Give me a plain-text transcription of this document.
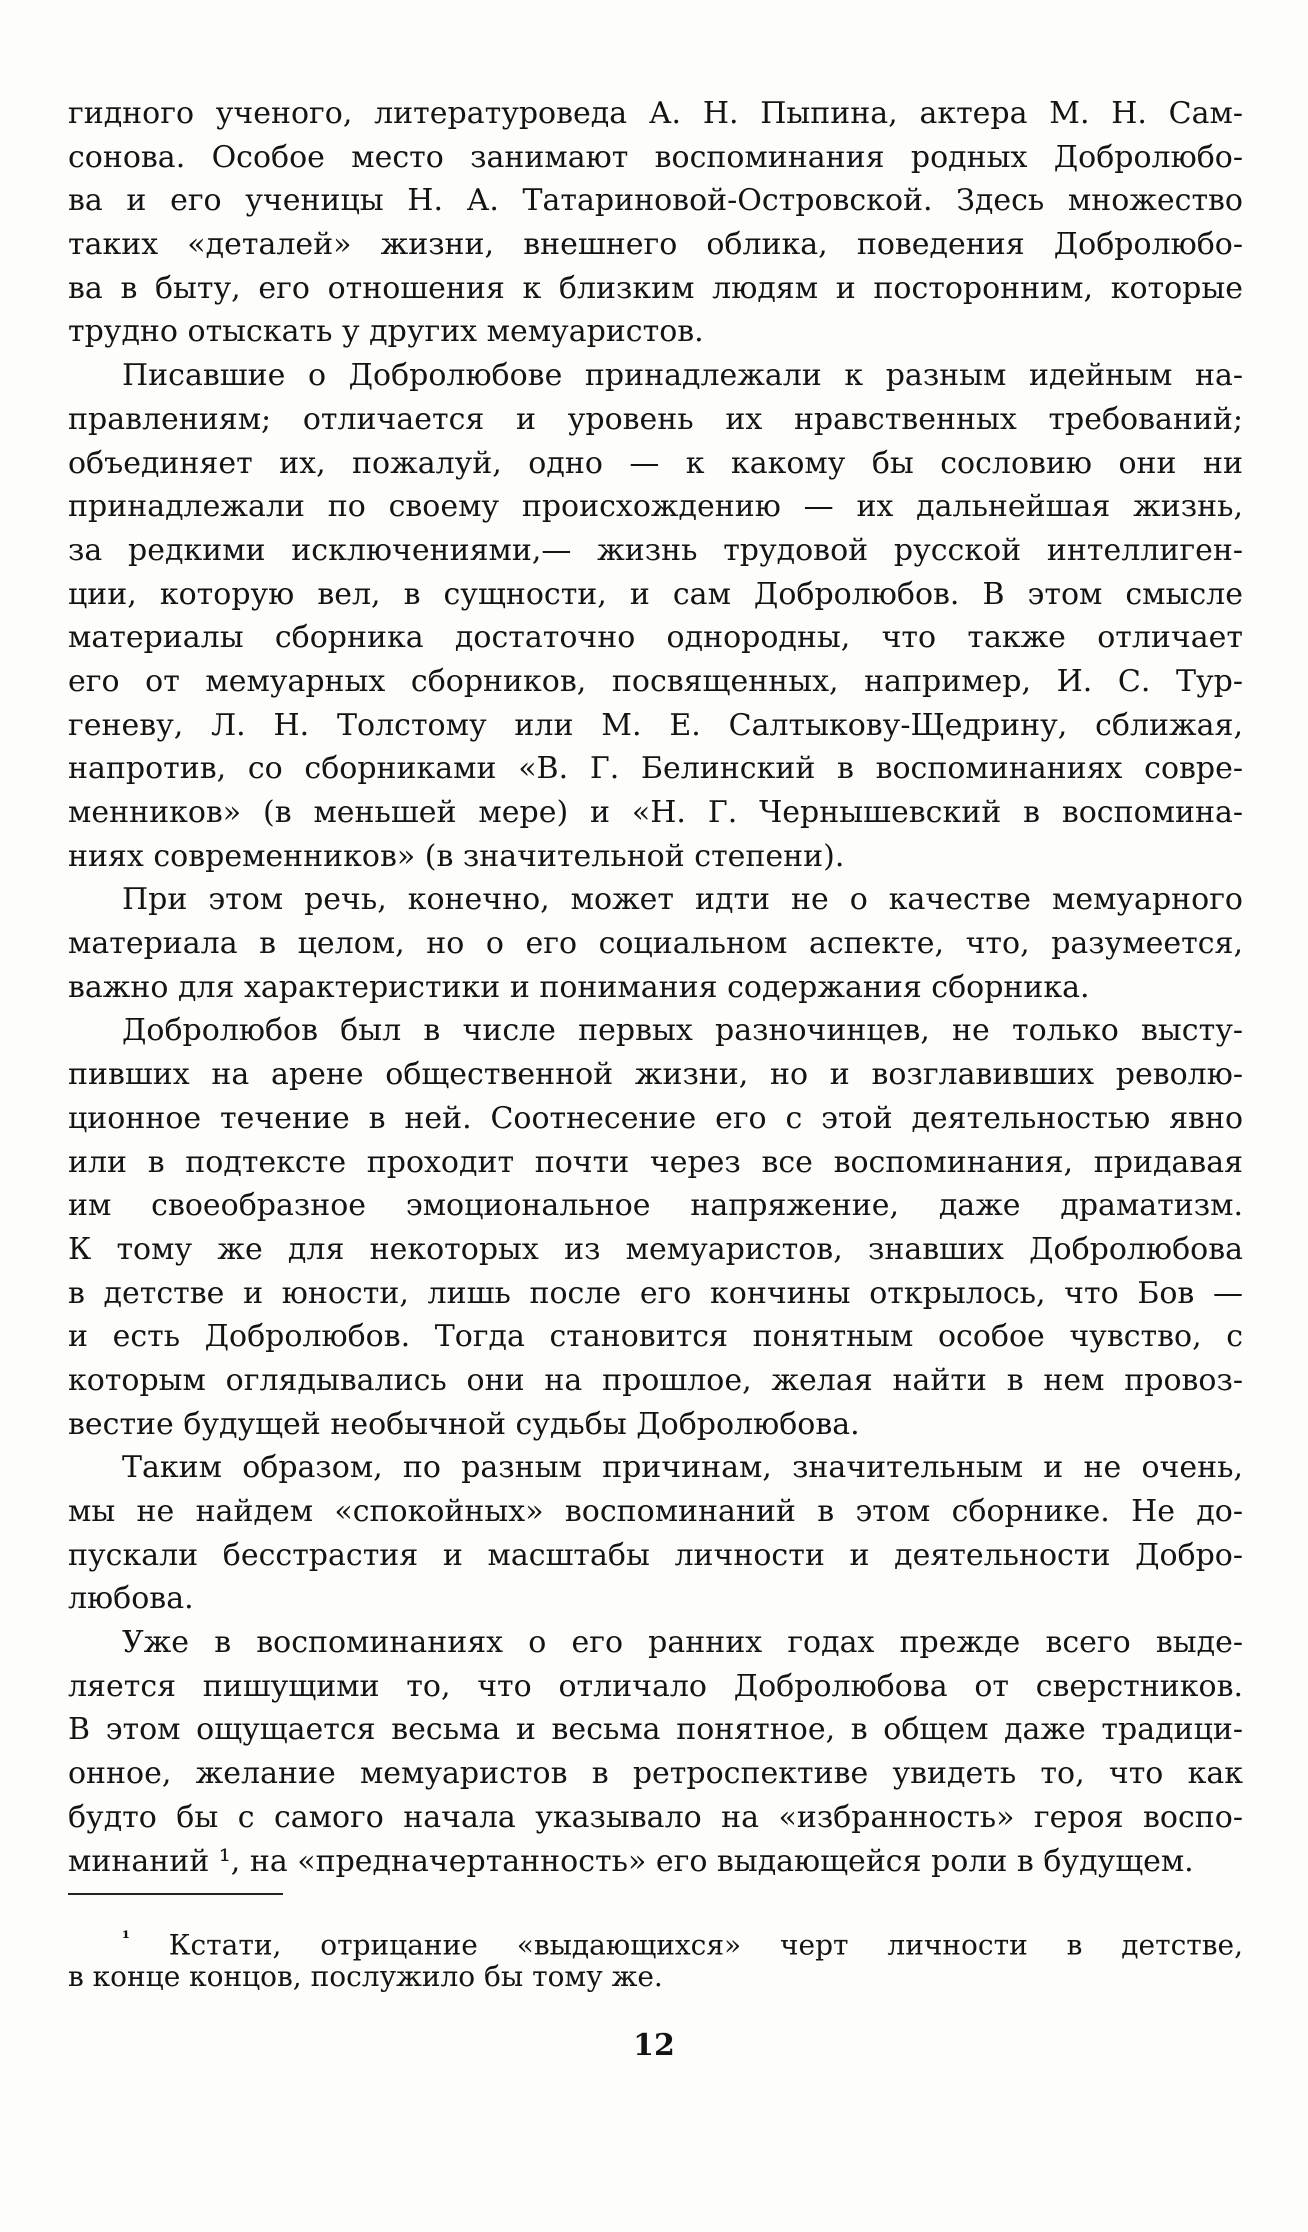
гидного ученого, литературоведа А. Н. Пыпина, актера М. Н. Сам-
сонова. Особое место занимают воспоминания родных Добролюбо-
ва и его ученицы Н. А. Татариновой-Островской. Здесь множество
таких «деталей» жизни, внешнего облика, поведения Добролюбо-
ва в быту, его отношения к близким людям и посторонним, которые
трудно отыскать у других мемуаристов.
Писавшие о Добролюбове принадлежали к разным идейным на-
правлениям; отличается и уровень их нравственных требований;
объединяет их, пожалуй, одно — к какому бы сословию они ни
принадлежали по своему происхождению — их дальнейшая жизнь,
за редкими исключениями,— жизнь трудовой русской интеллиген-
ции, которую вел, в сущности, и сам Добролюбов. В этом смысле
материалы сборника достаточно однородны, что также отличает
его от мемуарных сборников, посвященных, например, И. С. Тур-
геневу, Л. Н. Толстому или М. Е. Салтыкову-Щедрину, сближая,
напротив, со сборниками «В. Г. Белинский в воспоминаниях совре-
менников» (в меньшей мере) и «Н. Г. Чернышевский в воспомина-
ниях современников» (в значительной степени).
При этом речь, конечно, может идти не о качестве мемуарного
материала в целом, но о его социальном аспекте, что, разумеется,
важно для характеристики и понимания содержания сборника.
Добролюбов был в числе первых разночинцев, не только высту-
пивших на арене общественной жизни, но и возглавивших револю-
ционное течение в ней. Соотнесение его с этой деятельностью явно
или в подтексте проходит почти через все воспоминания, придавая
им своеобразное эмоциональное напряжение, даже драматизм.
К тому же для некоторых из мемуаристов, знавших Добролюбова
в детстве и юности, лишь после его кончины открылось, что Бов —
и есть Добролюбов. Тогда становится понятным особое чувство, с
которым оглядывались они на прошлое, желая найти в нем провоз-
вестие будущей необычной судьбы Добролюбова.
Таким образом, по разным причинам, значительным и не очень,
мы не найдем «спокойных» воспоминаний в этом сборнике. Не до-
пускали бесстрастия и масштабы личности и деятельности Добро-
любова.
Уже в воспоминаниях о его ранних годах прежде всего выде-
ляется пишущими то, что отличало Добролюбова от сверстников.
В этом ощущается весьма и весьма понятное, в общем даже традици-
онное, желание мемуаристов в ретроспективе увидеть то, что как
будто бы с самого начала указывало на «избранность» героя воспо-
минаний ¹, на «предначертанность» его выдающейся роли в будущем.
$^{^1}$ Кстати, отрицание «выдающихся» черт личности в детстве,
в конце концов, послужило бы тому же.
12
